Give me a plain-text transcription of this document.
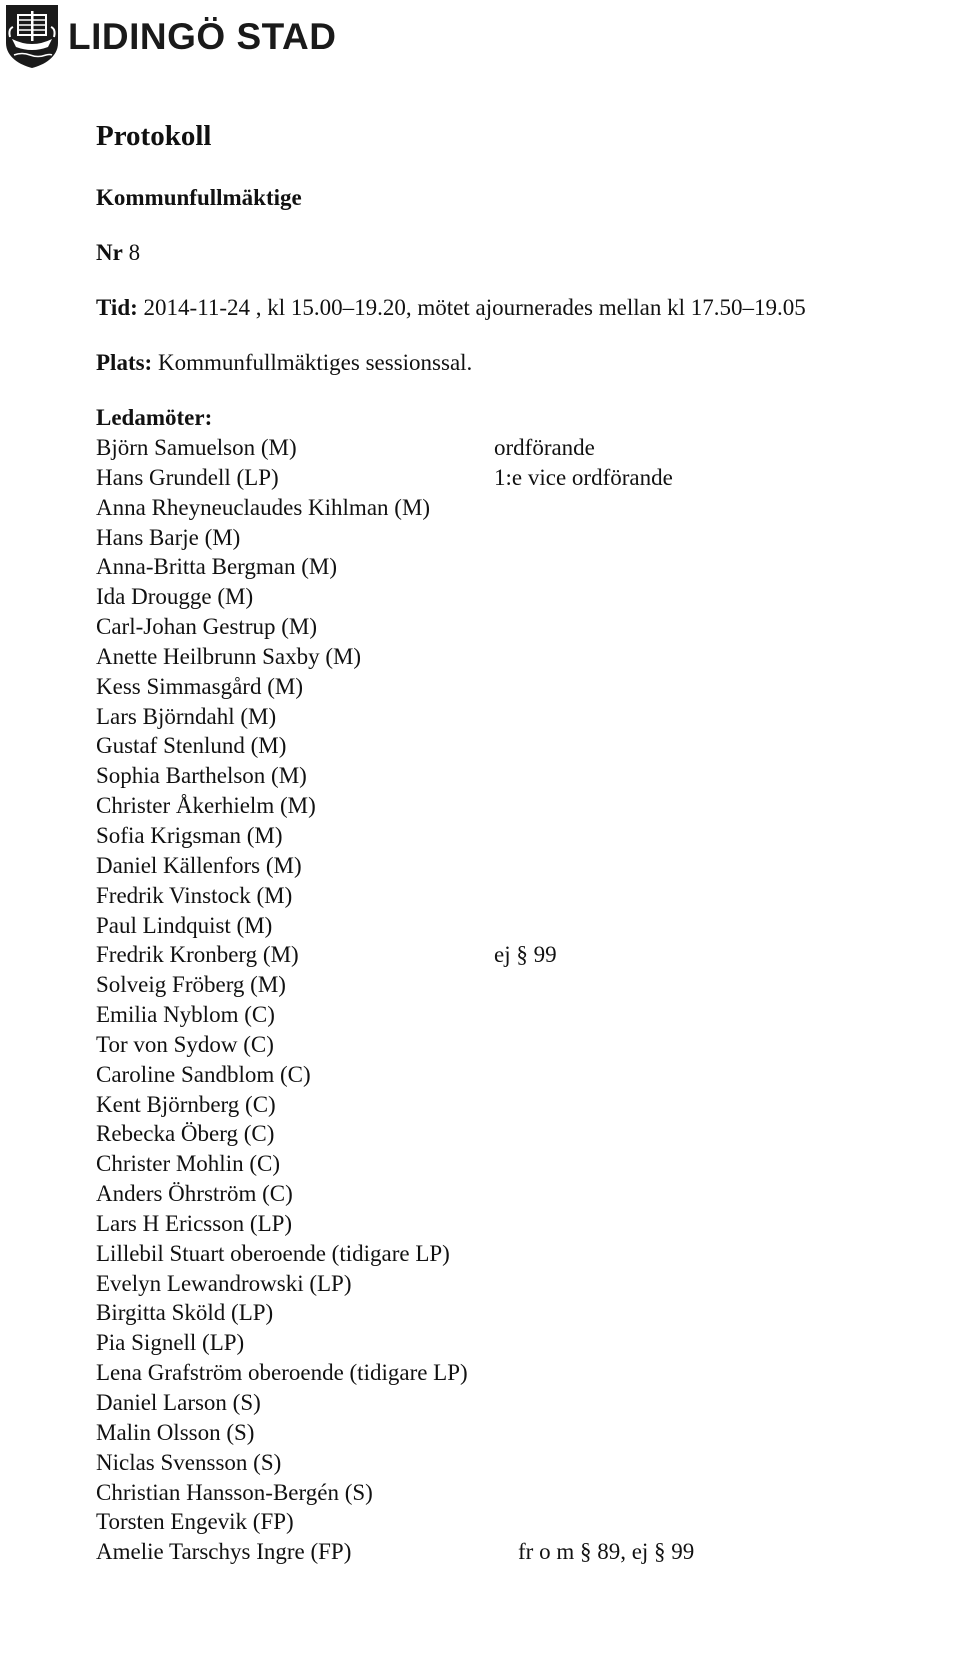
LIDINGÖ STAD
Protokoll
Kommunfullmäktige
Nr 8
Tid: 2014-11-24 , kl 15.00–19.20, mötet ajournerades mellan kl 17.50–19.05
Plats: Kommunfullmäktiges sessionssal.
Ledamöter:
Björn Samuelson (M)	ordförande
Hans Grundell (LP)	1:e vice ordförande
Anna Rheyneuclaudes Kihlman (M)
Hans Barje (M)
Anna-Britta Bergman (M)
Ida Drougge (M)
Carl-Johan Gestrup (M)
Anette Heilbrunn Saxby (M)
Kess Simmasgård (M)
Lars Björndahl (M)
Gustaf Stenlund (M)
Sophia Barthelson (M)
Christer Åkerhielm (M)
Sofia Krigsman (M)
Daniel Källenfors (M)
Fredrik Vinstock (M)
Paul Lindquist (M)
Fredrik Kronberg (M)	ej § 99
Solveig Fröberg (M)
Emilia Nyblom (C)
Tor von Sydow (C)
Caroline Sandblom (C)
Kent Björnberg (C)
Rebecka Öberg (C)
Christer Mohlin (C)
Anders Öhrström (C)
Lars H Ericsson (LP)
Lillebil Stuart oberoende (tidigare LP)
Evelyn Lewandrowski (LP)
Birgitta Sköld (LP)
Pia Signell (LP)
Lena Grafström oberoende (tidigare LP)
Daniel Larson (S)
Malin Olsson (S)
Niclas Svensson (S)
Christian Hansson-Bergén (S)
Torsten Engevik (FP)
Amelie Tarschys Ingre (FP)	fr o m § 89, ej § 99
